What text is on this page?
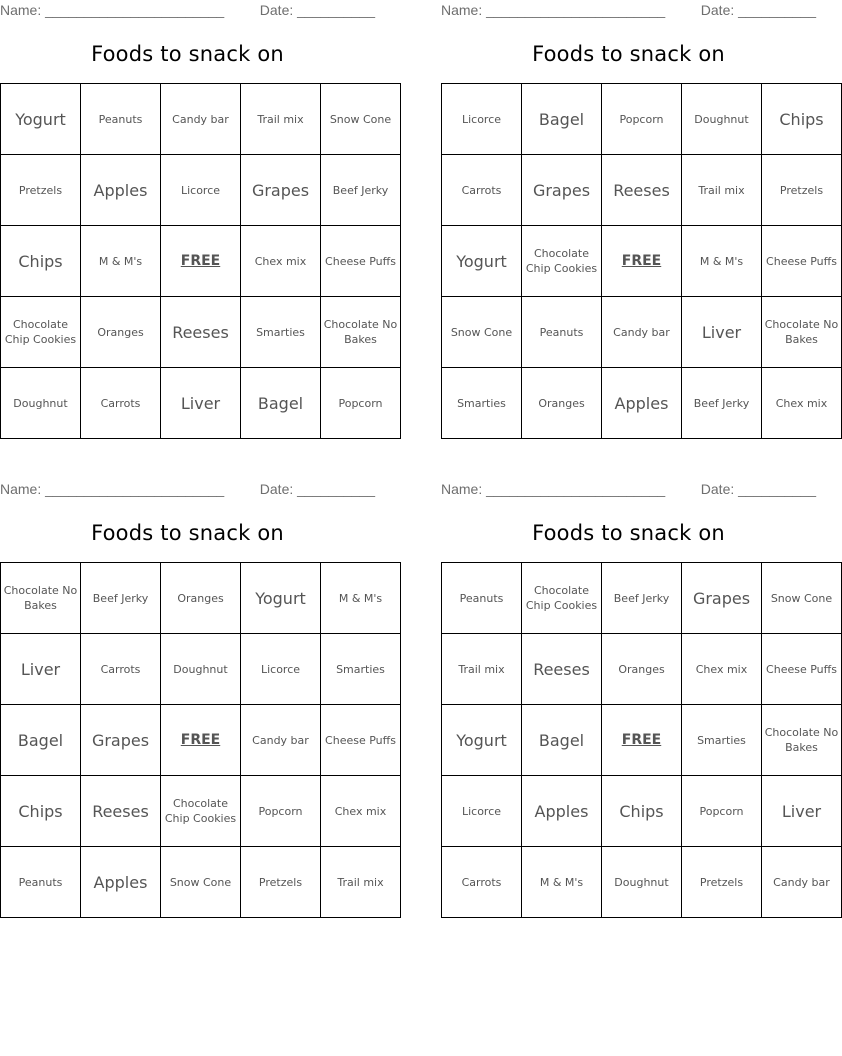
Name: _______________________	Date: __________
Foods to snack on
Yogurt	Peanuts	Candy bar	Trail mix	Snow Cone
Pretzels	Apples	Licorce	Grapes	Beef Jerky
Chips	M & M's	FREE	Chex mix	Cheese Puffs
Chocolate Chip Cookies	Oranges	Reeses	Smarties	Chocolate No Bakes
Doughnut	Carrots	Liver	Bagel	Popcorn
Name: _______________________	Date: __________
Foods to snack on
Licorce	Bagel	Popcorn	Doughnut	Chips
Carrots	Grapes	Reeses	Trail mix	Pretzels
Yogurt	Chocolate Chip Cookies	FREE	M & M's	Cheese Puffs
Snow Cone	Peanuts	Candy bar	Liver	Chocolate No Bakes
Smarties	Oranges	Apples	Beef Jerky	Chex mix
Name: _______________________	Date: __________
Foods to snack on
Chocolate No Bakes	Beef Jerky	Oranges	Yogurt	M & M's
Liver	Carrots	Doughnut	Licorce	Smarties
Bagel	Grapes	FREE	Candy bar	Cheese Puffs
Chips	Reeses	Chocolate Chip Cookies	Popcorn	Chex mix
Peanuts	Apples	Snow Cone	Pretzels	Trail mix
Name: _______________________	Date: __________
Foods to snack on
Peanuts	Chocolate Chip Cookies	Beef Jerky	Grapes	Snow Cone
Trail mix	Reeses	Oranges	Chex mix	Cheese Puffs
Yogurt	Bagel	FREE	Smarties	Chocolate No Bakes
Licorce	Apples	Chips	Popcorn	Liver
Carrots	M & M's	Doughnut	Pretzels	Candy bar
